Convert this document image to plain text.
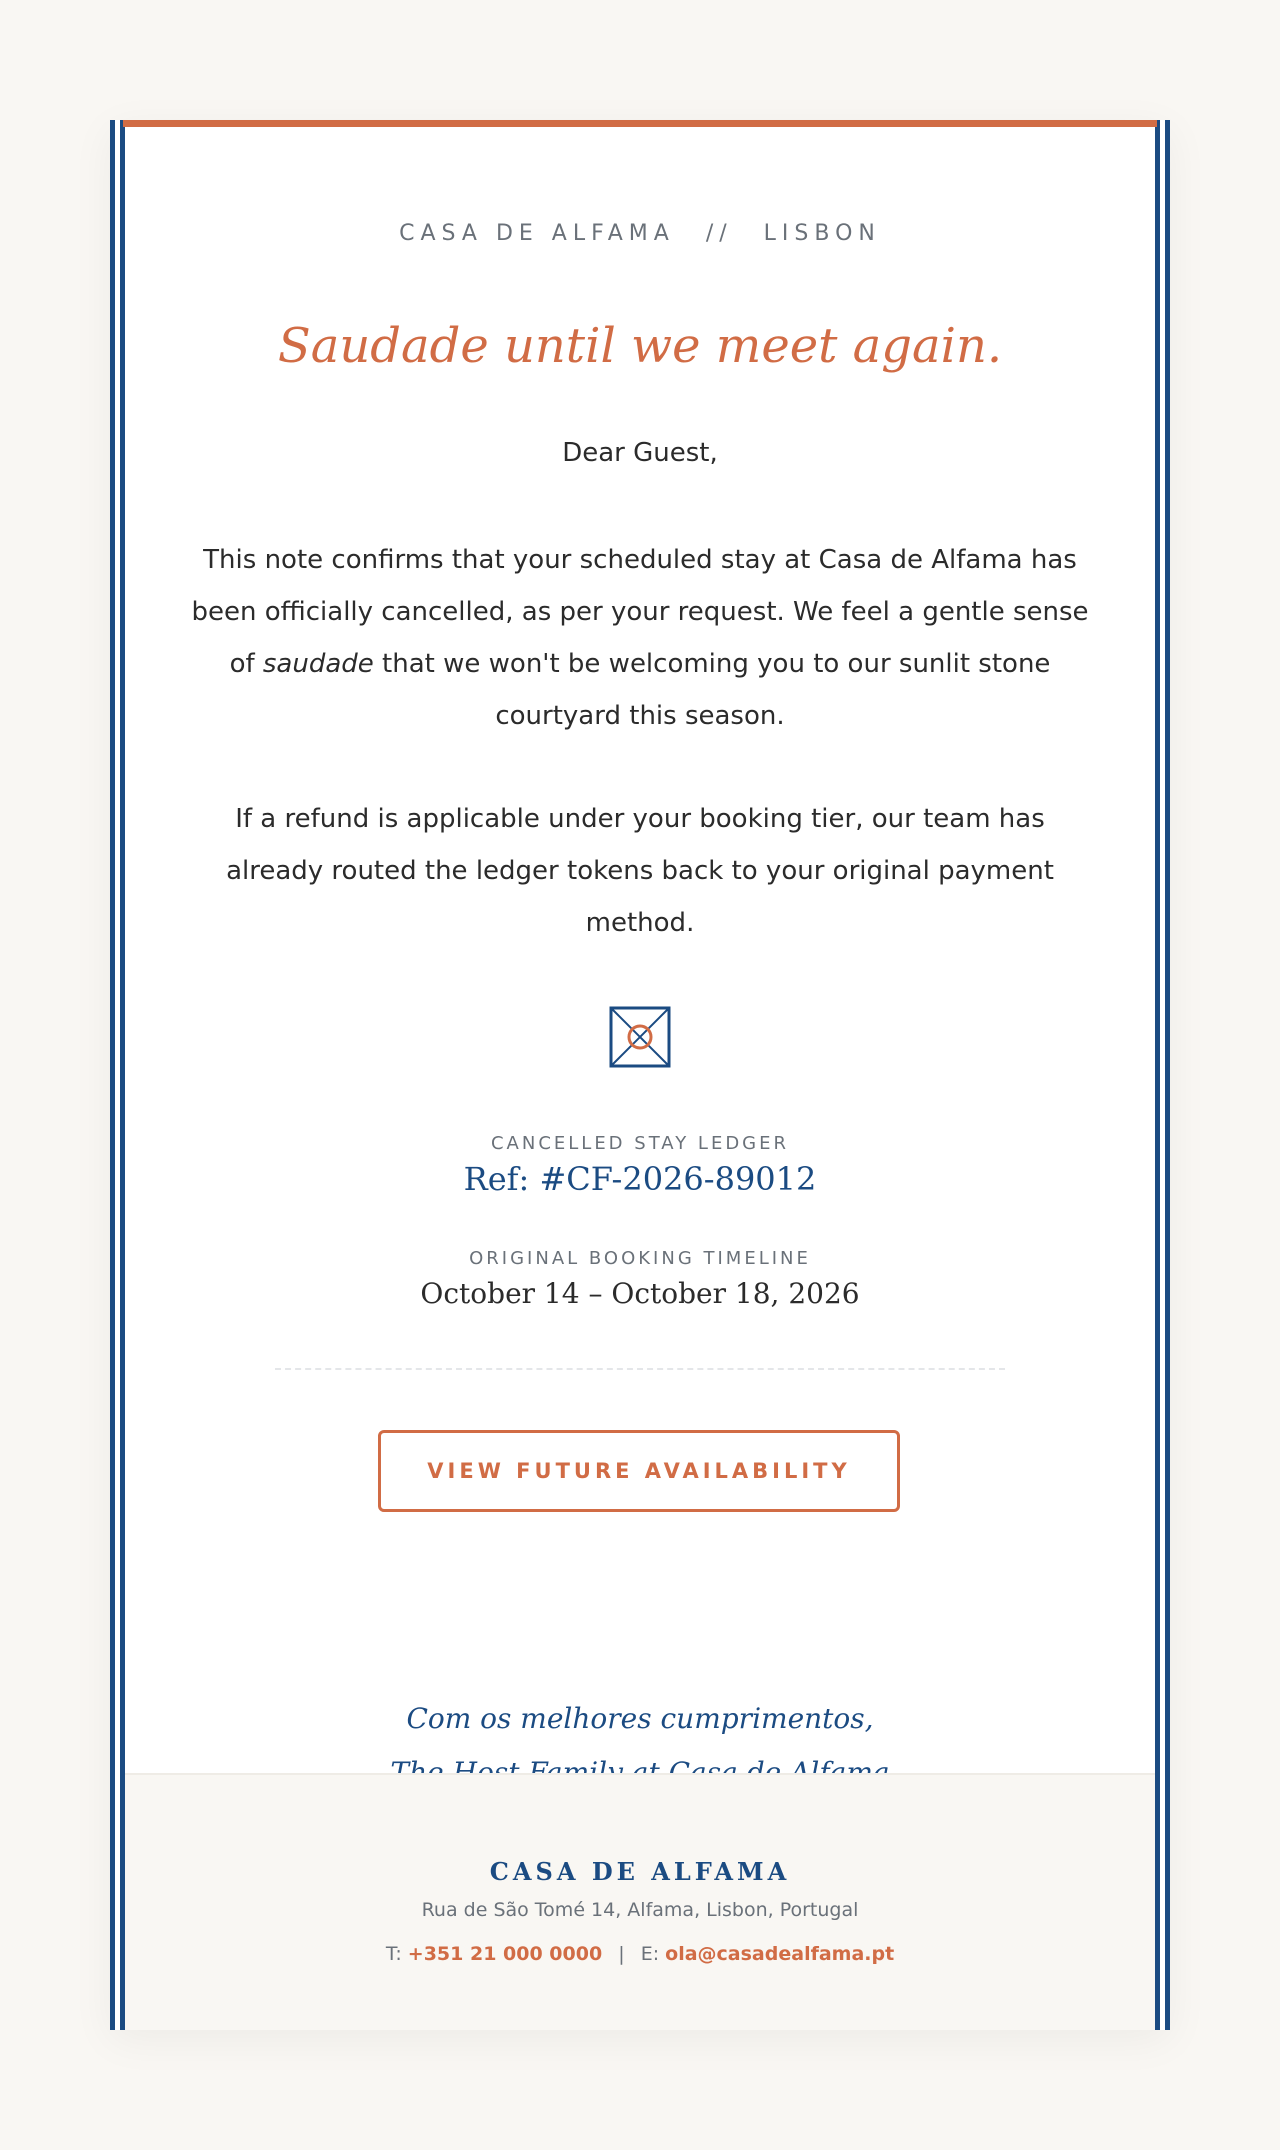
CASA DE ALFAMA // LISBON
Saudade until we meet again.
Dear Guest,
This note confirms that your scheduled stay at Casa de Alfama has been officially cancelled, as per your request. We feel a gentle sense of saudade that we won't be welcoming you to our sunlit stone courtyard this season.
If a refund is applicable under your booking tier, our team has already routed the ledger tokens back to your original payment method.
CANCELLED STAY LEDGER
Ref: #CF-2026-89012
ORIGINAL BOOKING TIMELINE
October 14 – October 18, 2026
VIEW FUTURE AVAILABILITY
Com os melhores cumprimentos,
CASA DE ALFAMA
Rua de São Tomé 14, Alfama, Lisbon, Portugal
T: +351 21 000 0000 | E: ola@casadealfama.pt
